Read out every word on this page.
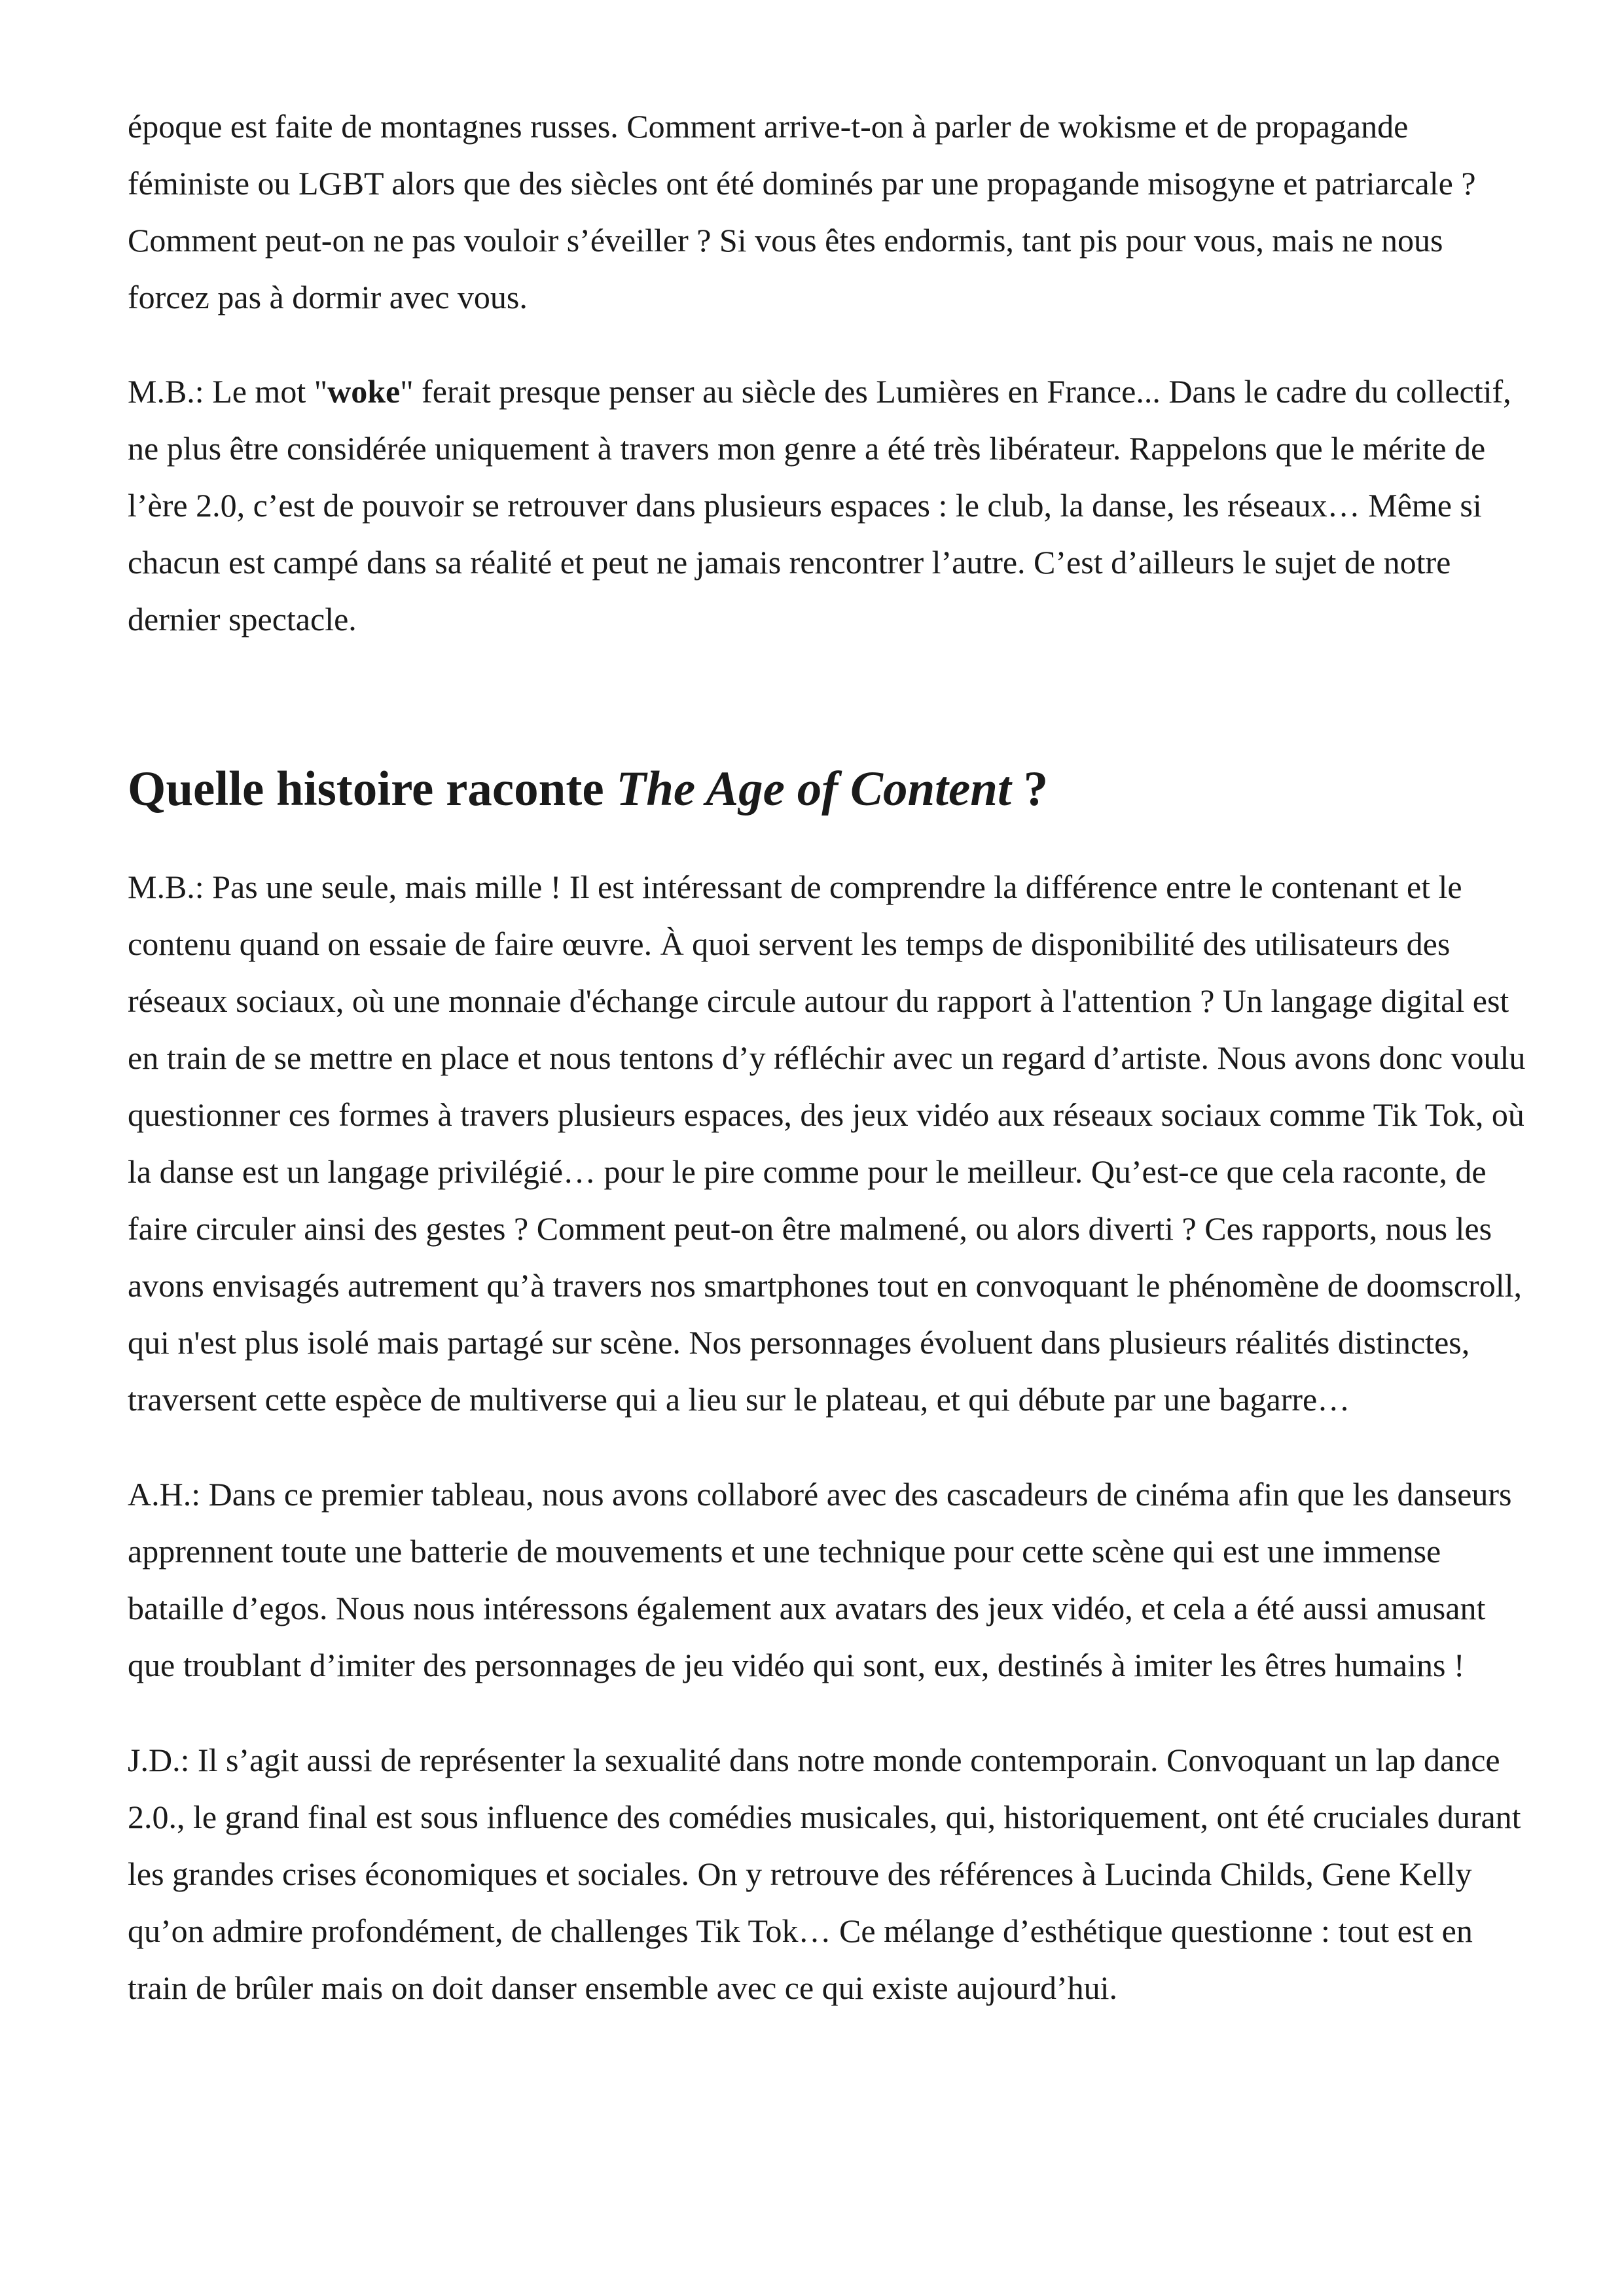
époque est faite de montagnes russes. Comment arrive-t-on à parler de wokisme et de propagande féministe ou LGBT alors que des siècles ont été dominés par une propagande misogyne et patriarcale ? Comment peut-on ne pas vouloir s’éveiller ? Si vous êtes endormis, tant pis pour vous, mais ne nous forcez pas à dormir avec vous.

M.B.: Le mot "woke" ferait presque penser au siècle des Lumières en France... Dans le cadre du collectif, ne plus être considérée uniquement à travers mon genre a été très libérateur. Rappelons que le mérite de l’ère 2.0, c’est de pouvoir se retrouver dans plusieurs espaces : le club, la danse, les réseaux… Même si chacun est campé dans sa réalité et peut ne jamais rencontrer l’autre. C’est d’ailleurs le sujet de notre dernier spectacle.

Quelle histoire raconte The Age of Content ?

M.B.: Pas une seule, mais mille ! Il est intéressant de comprendre la différence entre le contenant et le contenu quand on essaie de faire œuvre. À quoi servent les temps de disponibilité des utilisateurs des réseaux sociaux, où une monnaie d'échange circule autour du rapport à l'attention ? Un langage digital est en train de se mettre en place et nous tentons d’y réfléchir avec un regard d’artiste. Nous avons donc voulu questionner ces formes à travers plusieurs espaces, des jeux vidéo aux réseaux sociaux comme Tik Tok, où la danse est un langage privilégié… pour le pire comme pour le meilleur. Qu’est-ce que cela raconte, de faire circuler ainsi des gestes ? Comment peut-on être malmené, ou alors diverti ? Ces rapports, nous les avons envisagés autrement qu’à travers nos smartphones tout en convoquant le phénomène de doomscroll, qui n'est plus isolé mais partagé sur scène. Nos personnages évoluent dans plusieurs réalités distinctes, traversent cette espèce de multiverse qui a lieu sur le plateau, et qui débute par une bagarre…

A.H.: Dans ce premier tableau, nous avons collaboré avec des cascadeurs de cinéma afin que les danseurs apprennent toute une batterie de mouvements et une technique pour cette scène qui est une immense bataille d’egos. Nous nous intéressons également aux avatars des jeux vidéo, et cela a été aussi amusant que troublant d’imiter des personnages de jeu vidéo qui sont, eux, destinés à imiter les êtres humains !

J.D.: Il s’agit aussi de représenter la sexualité dans notre monde contemporain. Convoquant un lap dance 2.0., le grand final est sous influence des comédies musicales, qui, historiquement, ont été cruciales durant les grandes crises économiques et sociales. On y retrouve des références à Lucinda Childs, Gene Kelly qu’on admire profondément, de challenges Tik Tok… Ce mélange d’esthétique questionne : tout est en train de brûler mais on doit danser ensemble avec ce qui existe aujourd’hui.
